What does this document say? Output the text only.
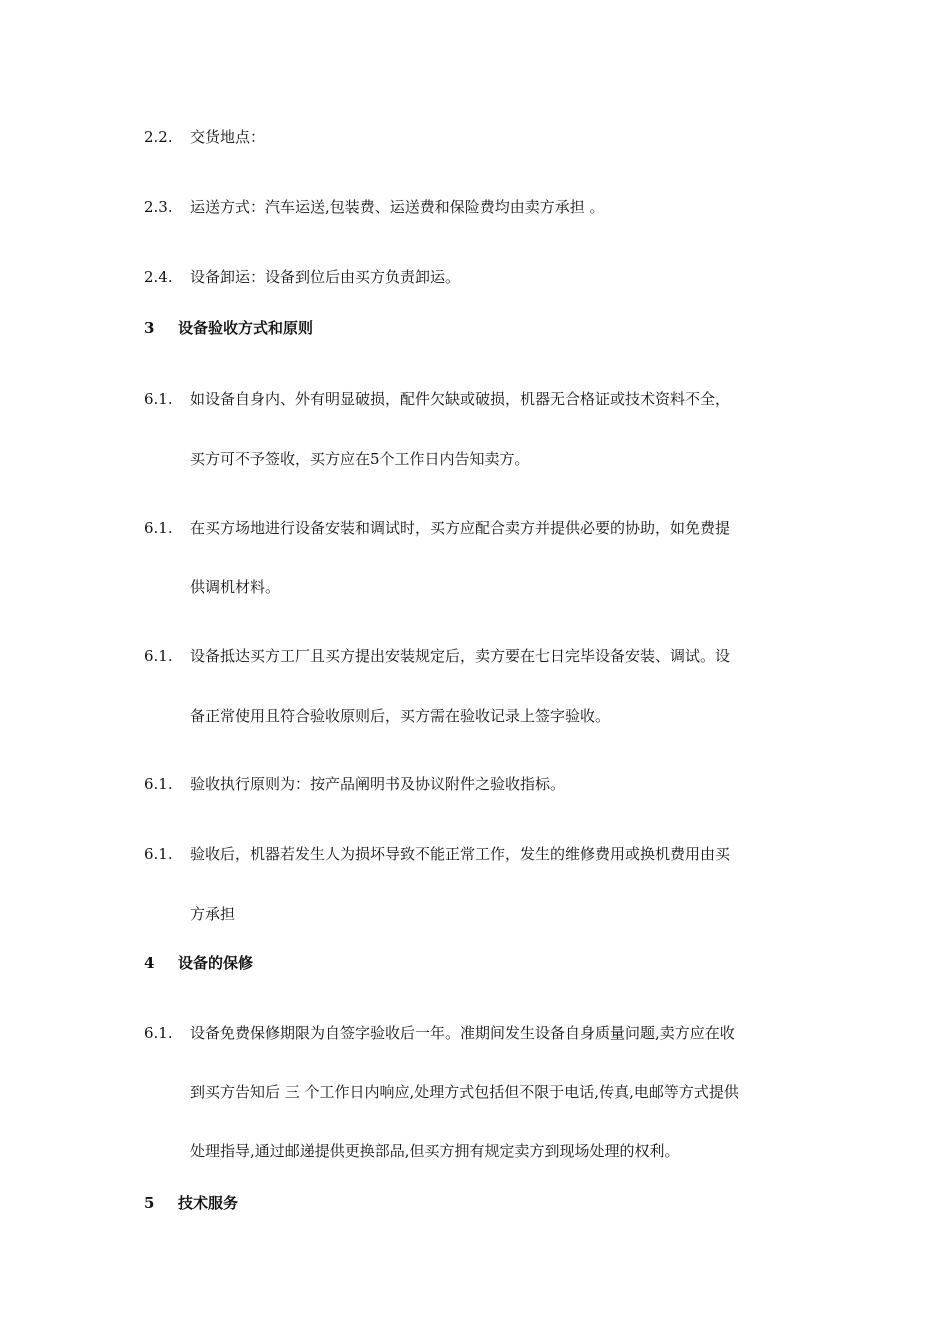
2.2. 交货地点：
2.3. 运送方式：汽车运送,包装费、运送费和保险费均由卖方承担 。
2.4. 设备卸运：设备到位后由买方负责卸运。
3 设备验收方式和原则
6.1. 如设备自身内、外有明显破损，配件欠缺或破损，机器无合格证或技术资料不全，
买方可不予签收，买方应在5个工作日内告知卖方。
6.1. 在买方场地进行设备安装和调试时，买方应配合卖方并提供必要的协助，如免费提
供调机材料。
6.1. 设备抵达买方工厂且买方提出安装规定后，卖方要在七日完毕设备安装、调试。设
备正常使用且符合验收原则后，买方需在验收记录上签字验收。
6.1. 验收执行原则为：按产品阐明书及协议附件之验收指标。
6.1. 验收后，机器若发生人为损坏导致不能正常工作，发生的维修费用或换机费用由买
方承担
4 设备的保修
6.1. 设备免费保修期限为自签字验收后一年。准期间发生设备自身质量问题,卖方应在收
到买方告知后 三 个工作日内响应,处理方式包括但不限于电话,传真,电邮等方式提供
处理指导,通过邮递提供更换部品,但买方拥有规定卖方到现场处理的权利。
5 技术服务
